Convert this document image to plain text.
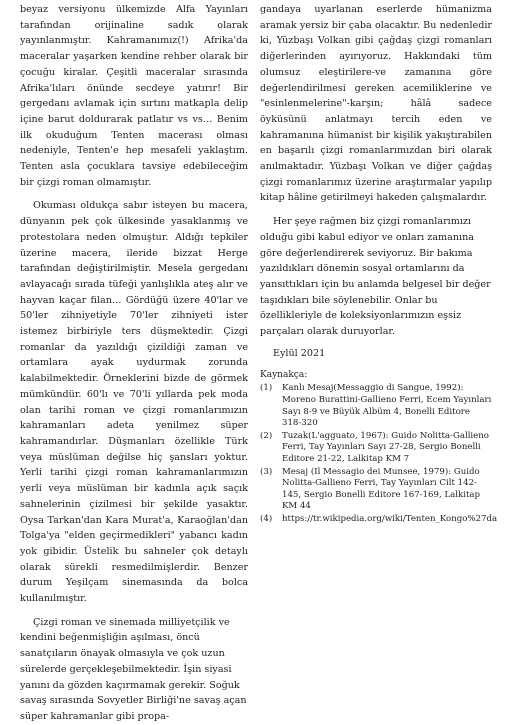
beyaz versiyonu ülkemizde Alfa Yayınları tarafından orijinaline sadık olarak yayınlanmıştır. Kahramanımız(!) Afrika'da maceralar yaşarken kendine rehber olarak bir çocuğu kiralar. Çeşitli maceralar sırasında Afrika'lıları önünde secdeye yatırır! Bir gergedanı avlamak için sırtını matkapla delip içine barut doldurarak patlatır vs vs… Benim ilk okuduğum Tenten macerası olması nedeniyle, Tenten'e hep mesafeli yaklaştım. Tenten asla çocuklara tavsiye edebileceğim bir çizgi roman olmamıştır.

Okuması oldukça sabır isteyen bu macera, dünyanın pek çok ülkesinde yasaklanmış ve protestolara neden olmuştur. Aldığı tepkiler üzerine macera, ileride bizzat Herge tarafından değiştirilmiştir. Mesela gergedanı avlayacağı sırada tüfeği yanlışlıkla ateş alır ve hayvan kaçar filan… Gördüğü üzere 40'lar ve 50'ler zihniyetiyle 70'ler zihniyeti ister istemez birbiriyle ters düşmektedir. Çizgi romanlar da yazıldığı çizildiği zaman ve ortamlara ayak uydurmak zorunda kalabilmektedir. Örneklerini bizde de görmek mümkündür. 60'lı ve 70'li yıllarda pek moda olan tarihi roman ve çizgi romanlarımızın kahramanları adeta yenilmez süper kahramandırlar. Düşmanları özellikle Türk veya müslüman değilse hiç şansları yoktur. Yerli tarihi çizgi roman kahramanlarımızın yerli veya müslüman bir kadınla açık saçık sahnelerinin çizilmesi bir şekilde yasaktır. Oysa Tarkan'dan Kara Murat'a, Karaoğlan'dan Tolga'ya "elden geçirmedikleri" yabancı kadın yok gibidir. Üstelik bu sahneler çok detaylı olarak sürekli resmedilmişlerdir. Benzer durum Yeşilçam sinemasında da bolca kullanılmıştır.

Çizgi roman ve sinemada milliyetçilik ve kendini beğenmişliğin aşılması, öncü sanatçıların önayak olmasıyla ve çok uzun sürelerde gerçekleşebilmektedir. İşin siyasi yanını da gözden kaçırmamak gerekir. Soğuk savaş sırasında Sovyetler Birliği'ne savaş açan süper kahramanlar gibi propa-

gandaya uyarlanan eserlerde hümanizma aramak yersiz bir çaba olacaktır. Bu nedenledir ki, Yüzbaşı Volkan gibi çağdaş çizgi romanları diğerlerinden ayırıyoruz. Hakkındaki tüm olumsuz eleştirilere-ve zamanına göre değerlendirilmesi gereken acemiliklerine ve "esinlenmelerine"-karşın; hâlâ sadece öyküsünü anlatmayı tercih eden ve kahramanına hümanist bir kişilik yakıştırabilen en başarılı çizgi romanlarımızdan biri olarak anılmaktadır. Yüzbaşı Volkan ve diğer çağdaş çizgi romanlarımız üzerine araştırmalar yapılıp kitap hâline getirilmeyi hakeden çalışmalardır.

Her şeye rağmen biz çizgi romanlarımızı olduğu gibi kabul ediyor ve onları zamanına göre değerlendirerek seviyoruz. Bir bakıma yazıldıkları dönemin sosyal ortamlarını da yansıttıkları için bu anlamda belgesel bir değer taşıdıkları bile söylenebilir. Onlar bu özellikleriyle de koleksiyonlarımızın eşsiz parçaları olarak duruyorlar.

Eylül 2021

Kaynakça:

(1)	Kanlı Mesaj(Messaggio di Sangue, 1992): Moreno Burattini-Gallieno Ferri, Ecem Yayınları Sayı 8-9 ve Büyük Albüm 4, Bonelli Editore 318-320
(2)	Tuzak(L'agguato, 1967): Guido Nolitta-Gallieno Ferri, Tay Yayınları Sayı 27-28, Sergio Bonelli Editore 21-22, Lalkitap KM 7
(3)	Mesaj (Il Messagio dei Munsee, 1979): Guido Nolitta-Gallieno Ferri, Tay Yayınları Cilt 142-145, Sergio Bonelli Editore 167-169, Lalkitap KM 44
(4)	https://tr.wikipedia.org/wiki/Tenten_Kongo%27da
